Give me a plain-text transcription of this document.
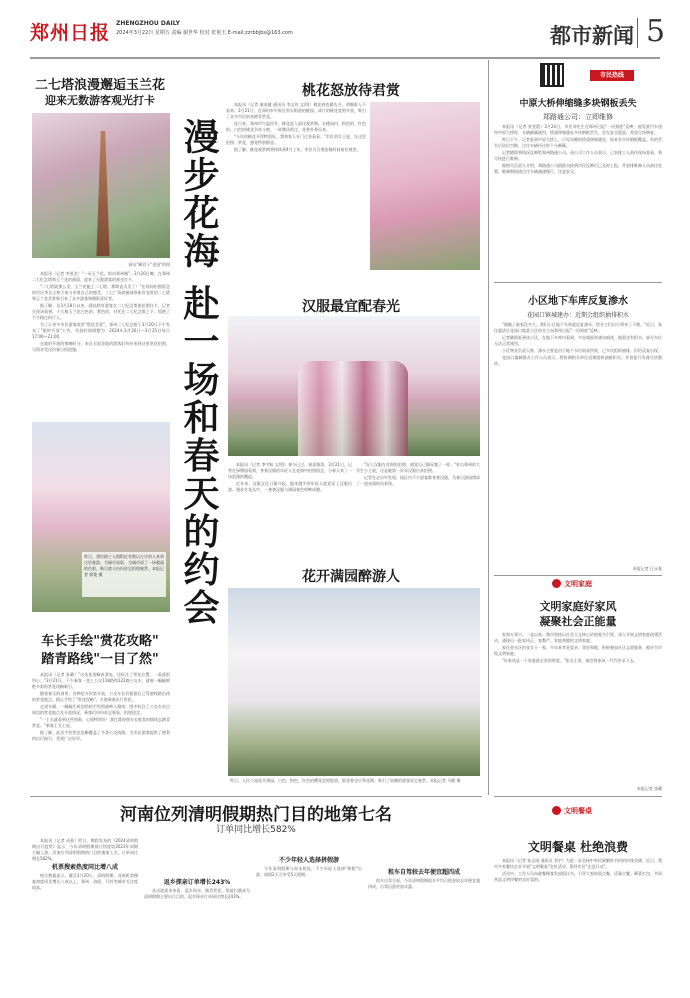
郑州日报 ZHENGZHOU DAILY
2024年3月22日 星期五 责编 谢世华 校对 张艳玉 E-mail:zzrbbjbs@163.com	都市新闻 5
二七塔浪漫邂逅玉兰花
迎来无数游客观光打卡
网友"峰君子"也国"供图

本报讯（记者 李黑龙）"一朵玉兰花，惊动郑州城"。3月20日晚，在郑州二七纪念塔和玉兰花的画面，迎来了无数游客的观光打卡。

"二七塔就那么美，玉兰花配上二七塔，那简直太美了！"在现场拍照留念的市民李女士和大家分享着自己的感受。二七广场就被网络新晋宠爱的二七塔和玉兰花美景吸引来了众多游客和摄影爱好者。

据了解，自3月18日以来，就陆续有游客在二七纪念塔前拍照打卡，记者在现场看到，十几株玉兰花白色的、紫色的，衬托在二七纪念塔之下，惊艳了不少路过的行人。

为了让更多市民游客欣赏"塔花美景"，郑州二七纪念塔于3月20日下午发布了"限时开放"公告，开放时间调整为：2024年3月20日—3月25日每日17:00—21:00。

在限时开放的傍晚时分，来自全国各地的游客们纷纷来到这里赏花拍照，尽情享受这份春日的浪漫。

昨日，建设路工人路附近有数以万计的人来到这里春游，为城市添彩，为城市添了一抹靓丽的色彩，吸引游人纷纷驻足拍照观赏。本报记者 徐俊 摄
车长手绘"赏花攻略"
踏青路线"一目了然"

本报讯（记者 张璐）"这张花攻略真漂亮，还标注了赏花位置，一看就很用心。"3月21日，不少乘客一登上公交118路和122路公交车，就被一幅幅鲜艳多彩的赏花攻略吸引。

随着春天的到来，各种花卉次第开放，公交车长们根据自己驾驶线路沿线的赏花地点，精心手绘了"赏花攻略"，方便乘客出行赏花。

走进车厢，一幅幅生机勃勃的手绘图画映入眼帘，图中标注了公交车站点周边的赏花地点及开放情况，乘客们纷纷驻足观看，拍照留念。

"一上车就看到这些图画，心情特别好！我打算按照车长推荐的路线去踏青赏花。"乘客王女士说。

据了解，此次手绘赏花攻略覆盖了多条公交线路，为市民游客提供了便利的出行指引，受到广泛好评。

漫步花海 赴一场和春天的约会
桃花怒放待君赏

本报讯（记者 秦英婕 通讯员 李文玫 文/图）桃花春色暖先开，明媚谁人不看来。3月21日，在郑州市中原区须水街道的桃园，成片的桃花竞相开放，吸引了众多市民前来踏青赏花。

连日来，郑州市气温回升，桃花进入最佳观赏期。在桃园内，粉色的、红色的、白色的桃花争奇斗艳，一阵微风吹过，花香扑鼻而来。

"今年的桃花开得特别好，我和家人专门过来看看。"市民刘女士说，在这里拍照、赏花，感觉特别惬意。

据了解，桃花观赏期将持续到4月上旬，市民可合理安排时间前往观赏。

汉服最宜配春光

本报讯（记者 李宇航 文/图）春分已过，春意渐浓。3月21日，记者在绿博园看到，身着汉服的年轻人在花海中拍照留念，与春天来了一场浪漫的邂逅。

近年来，汉服文化日渐兴起，越来越多的年轻人愿意穿上汉服出游。漫步在花丛中，一袭袭汉服与满园春色相映成趣。

"穿上汉服在花海里拍照，感觉自己像穿越了一样。"来自郑州的大学生小王说，这是她第一次穿汉服出来拍照。

记者在走访中发现，园区内不少游客都身着汉服，为春日游园增添了一道亮丽的风景线。

花开满园醉游人
昨日，人民公园花开满园，白色、粉色、红色的樱花竞相绽放，郁金香也应季花期，吸引了如潮的游客驻足观赏。本报记者 马健 摄
市民热线
中原大桥伸缩缝多块钢板丢失
郑路通公司：立即维修

本报讯（记者 张雯霞）3月20日，市民刘先生在郑州日报"一问到底"反映，他驾驶汽车途经中原大桥时，车辆颠簸剧烈，桥梁伸缩缝处多块钢板丢失，存在安全隐患，希望尽快修复。

昨日下午，记者赶到中原大桥上，只见东侧的桥梁伸缩缝处，原本有多块钢板覆盖，有的丢失后留出空隙，过往车辆经过时十分颠簸。

记者随即将情况反映给郑州路通公司。该公司工作人员表示，已安排工人前往现场查看，将尽快进行维修。

据相关负责人介绍，郑路通公司值班员接到市民反映后已及时上报，并安排维修人员前往处置，维修期间请过往车辆减速慢行，注意安全。

小区地下车库反复渗水
花园口镇城建办：近期会组织抽排积水

"刚搬了新家没多久，我们小区地下车库就反复渗水，给业主们出行带来了不便。"近日，家住惠济区花园口镇某小区的业主向郑州日报"一问到底"反映。

记者随即赶到该小区，在地下车库内看到，多处墙面有渗水痕迹，地面也有积水，部分车位无法正常使用。

小区物业负责人称，渗水主要是由于地下水位较高所致，已多次组织抽排，但仍反复出现。

花园口镇城建办工作人员表示，将协调相关单位近期组织抽排积水，并督促开发商尽快整改。

本报记者 汪永春
文明家庭
文明家庭好家风
凝聚社会正能量

家和万事兴。一直以来，我市坚持以社会主义核心价值观为引领，深入开展文明家庭创建活动，涌现出一批家风正、家教严、家庭和睦的文明家庭。

家住金水区的张女士一家，多年来孝老爱亲、邻里和睦，积极参加社区志愿服务，被评为市级文明家庭。

"好家风是一个家庭最宝贵的财富。"张女士说，她会将家风一代代传承下去。

本报记者 张璐
文明餐桌
文明餐桌 杜绝浪费

本报讯（记者 孙志刚 通讯员 刘宇）为进一步弘扬中华民族勤俭节约的传统美德，近日，我市多家餐饮企业开展"文明餐桌"宣传活动，倡导市民"光盘行动"。

活动中，工作人员向就餐顾客发放倡议书，引导大家按需点餐，适量点餐，剩菜打包，共同营造文明用餐的良好氛围。

河南位列清明假期热门目的地第七名
订单同比增长582%

本报讯（记者 成燕）昨日，携程发布的《2024清明假期出行趋势》显示，今年清明假期预订热度较2023年同期大幅上涨，河南位列清明假期热门目的地第七名，订单同比增长582%。

机票搜索热度同比增八成

相关数据显示，截至3月20日，清明假期，河南机票搜索热度同比增长八成以上，郑州、洛阳、开封等城市关注度较高。

返乡探亲订单增长243%

从出游需求来看，返乡探亲、踏青赏花、祭祖扫墓成为清明假期主要出行目的。返乡探亲订单同比增长243%。

不少年轻人选择拼假游

今年清明假期与周末相连，不少年轻人选择"拼假"出游，请假2天可享受5天假期。	租车自驾较去年便宜超四成

租车自驾方面，今年清明假期租车平均日租金较去年便宜超四成，自驾出游更加实惠。
